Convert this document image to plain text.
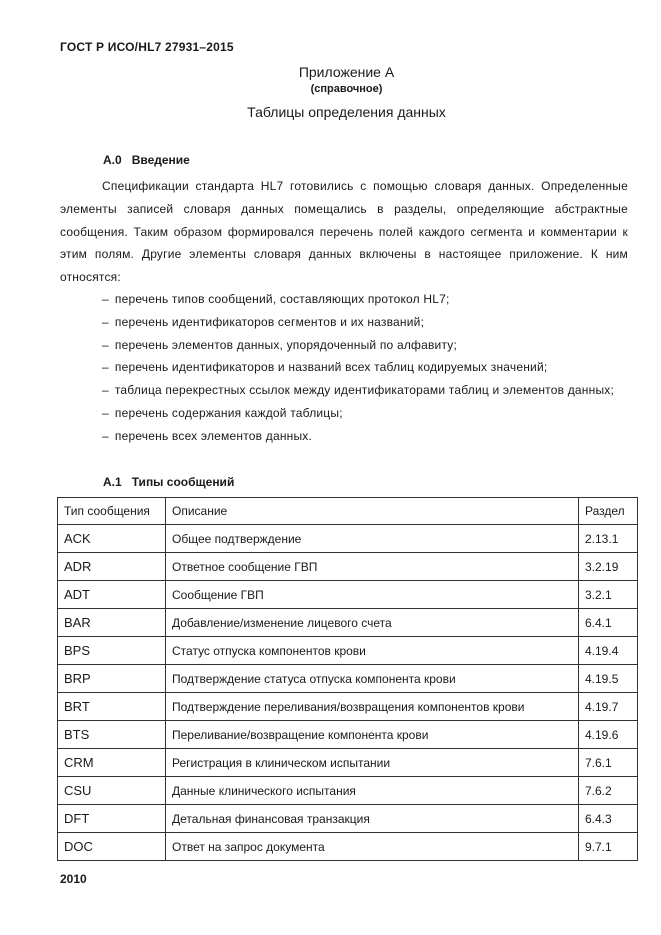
ГОСТ Р ИСО/HL7 27931–2015
Приложение А
(справочное)
Таблицы определения данных
А.0 Введение
Спецификации стандарта HL7 готовились с помощью словаря данных. Определенные элементы записей словаря данных помещались в разделы, определяющие абстрактные сообщения. Таким образом формировался перечень полей каждого сегмента и комментарии к этим полям. Другие элементы словаря данных включены в настоящее приложение. К ним относятся:
– перечень типов сообщений, составляющих протокол HL7;
– перечень идентификаторов сегментов и их названий;
– перечень элементов данных, упорядоченный по алфавиту;
– перечень идентификаторов и названий всех таблиц кодируемых значений;
– таблица перекрестных ссылок между идентификаторами таблиц и элементов данных;
– перечень содержания каждой таблицы;
– перечень всех элементов данных.
А.1 Типы сообщений
Тип сообщения	Описание	Раздел
ACK	Общее подтверждение	2.13.1
ADR	Ответное сообщение ГВП	3.2.19
ADT	Сообщение ГВП	3.2.1
BAR	Добавление/изменение лицевого счета	6.4.1
BPS	Статус отпуска компонентов крови	4.19.4
BRP	Подтверждение статуса отпуска компонента крови	4.19.5
BRT	Подтверждение переливания/возвращения компонентов крови	4.19.7
BTS	Переливание/возвращение компонента крови	4.19.6
CRM	Регистрация в клиническом испытании	7.6.1
CSU	Данные клинического испытания	7.6.2
DFT	Детальная финансовая транзакция	6.4.3
DOC	Ответ на запрос документа	9.7.1
2010
